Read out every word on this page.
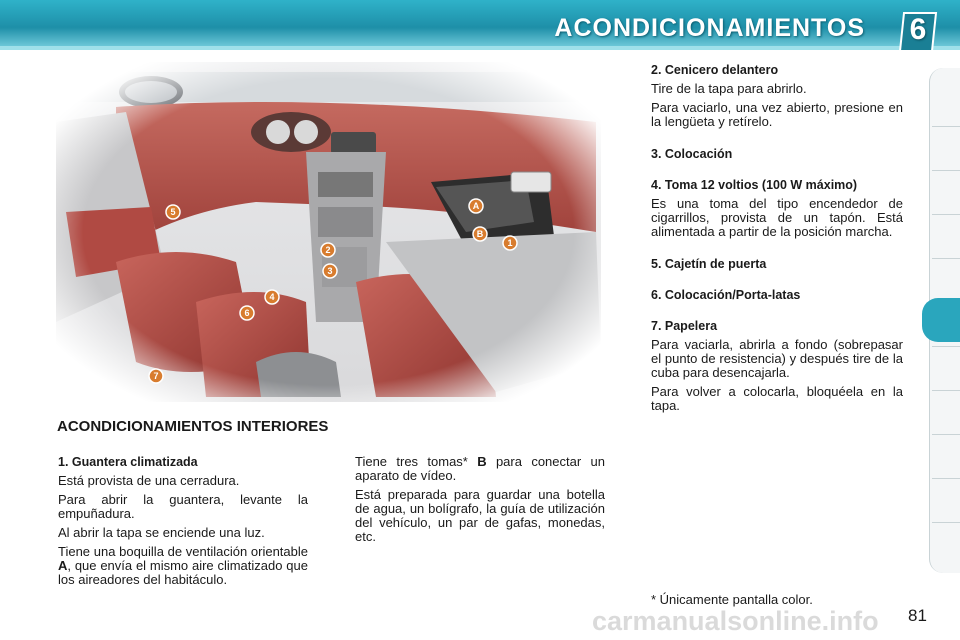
ACONDICIONAMIENTOS	6
1
2
3
4
5
6
7
A
B
ACONDICIONAMIENTOS INTERIORES
1. Guantera climatizada

Está provista de una cerradura.

Para abrir la guantera, levante la empuñadura.

Al abrir la tapa se enciende una luz.

Tiene una boquilla de ventilación orientable A, que envía el mismo aire climatizado que los aireadores del habitáculo.

Tiene tres tomas* B para conectar un aparato de vídeo.

Está preparada para guardar una botella de agua, un bolígrafo, la guía de utilización del vehículo, un par de gafas, monedas, etc.

2. Cenicero delantero

Tire de la tapa para abrirlo.

Para vaciarlo, una vez abierto, presione en la lengüeta y retírelo.

3. Colocación
4. Toma 12 voltios (100 W máximo)

Es una toma del tipo encendedor de cigarrillos, provista de un tapón. Está alimentada a partir de la posición marcha.

5. Cajetín de puerta
6. Colocación/Porta-latas
7. Papelera

Para vaciarla, abrirla a fondo (sobrepasar el punto de resistencia) y después tire de la cuba para desencajarla.

Para volver a colocarla, bloquéela en la tapa.

* Únicamente pantalla color.
carmanualsonline.info 81
